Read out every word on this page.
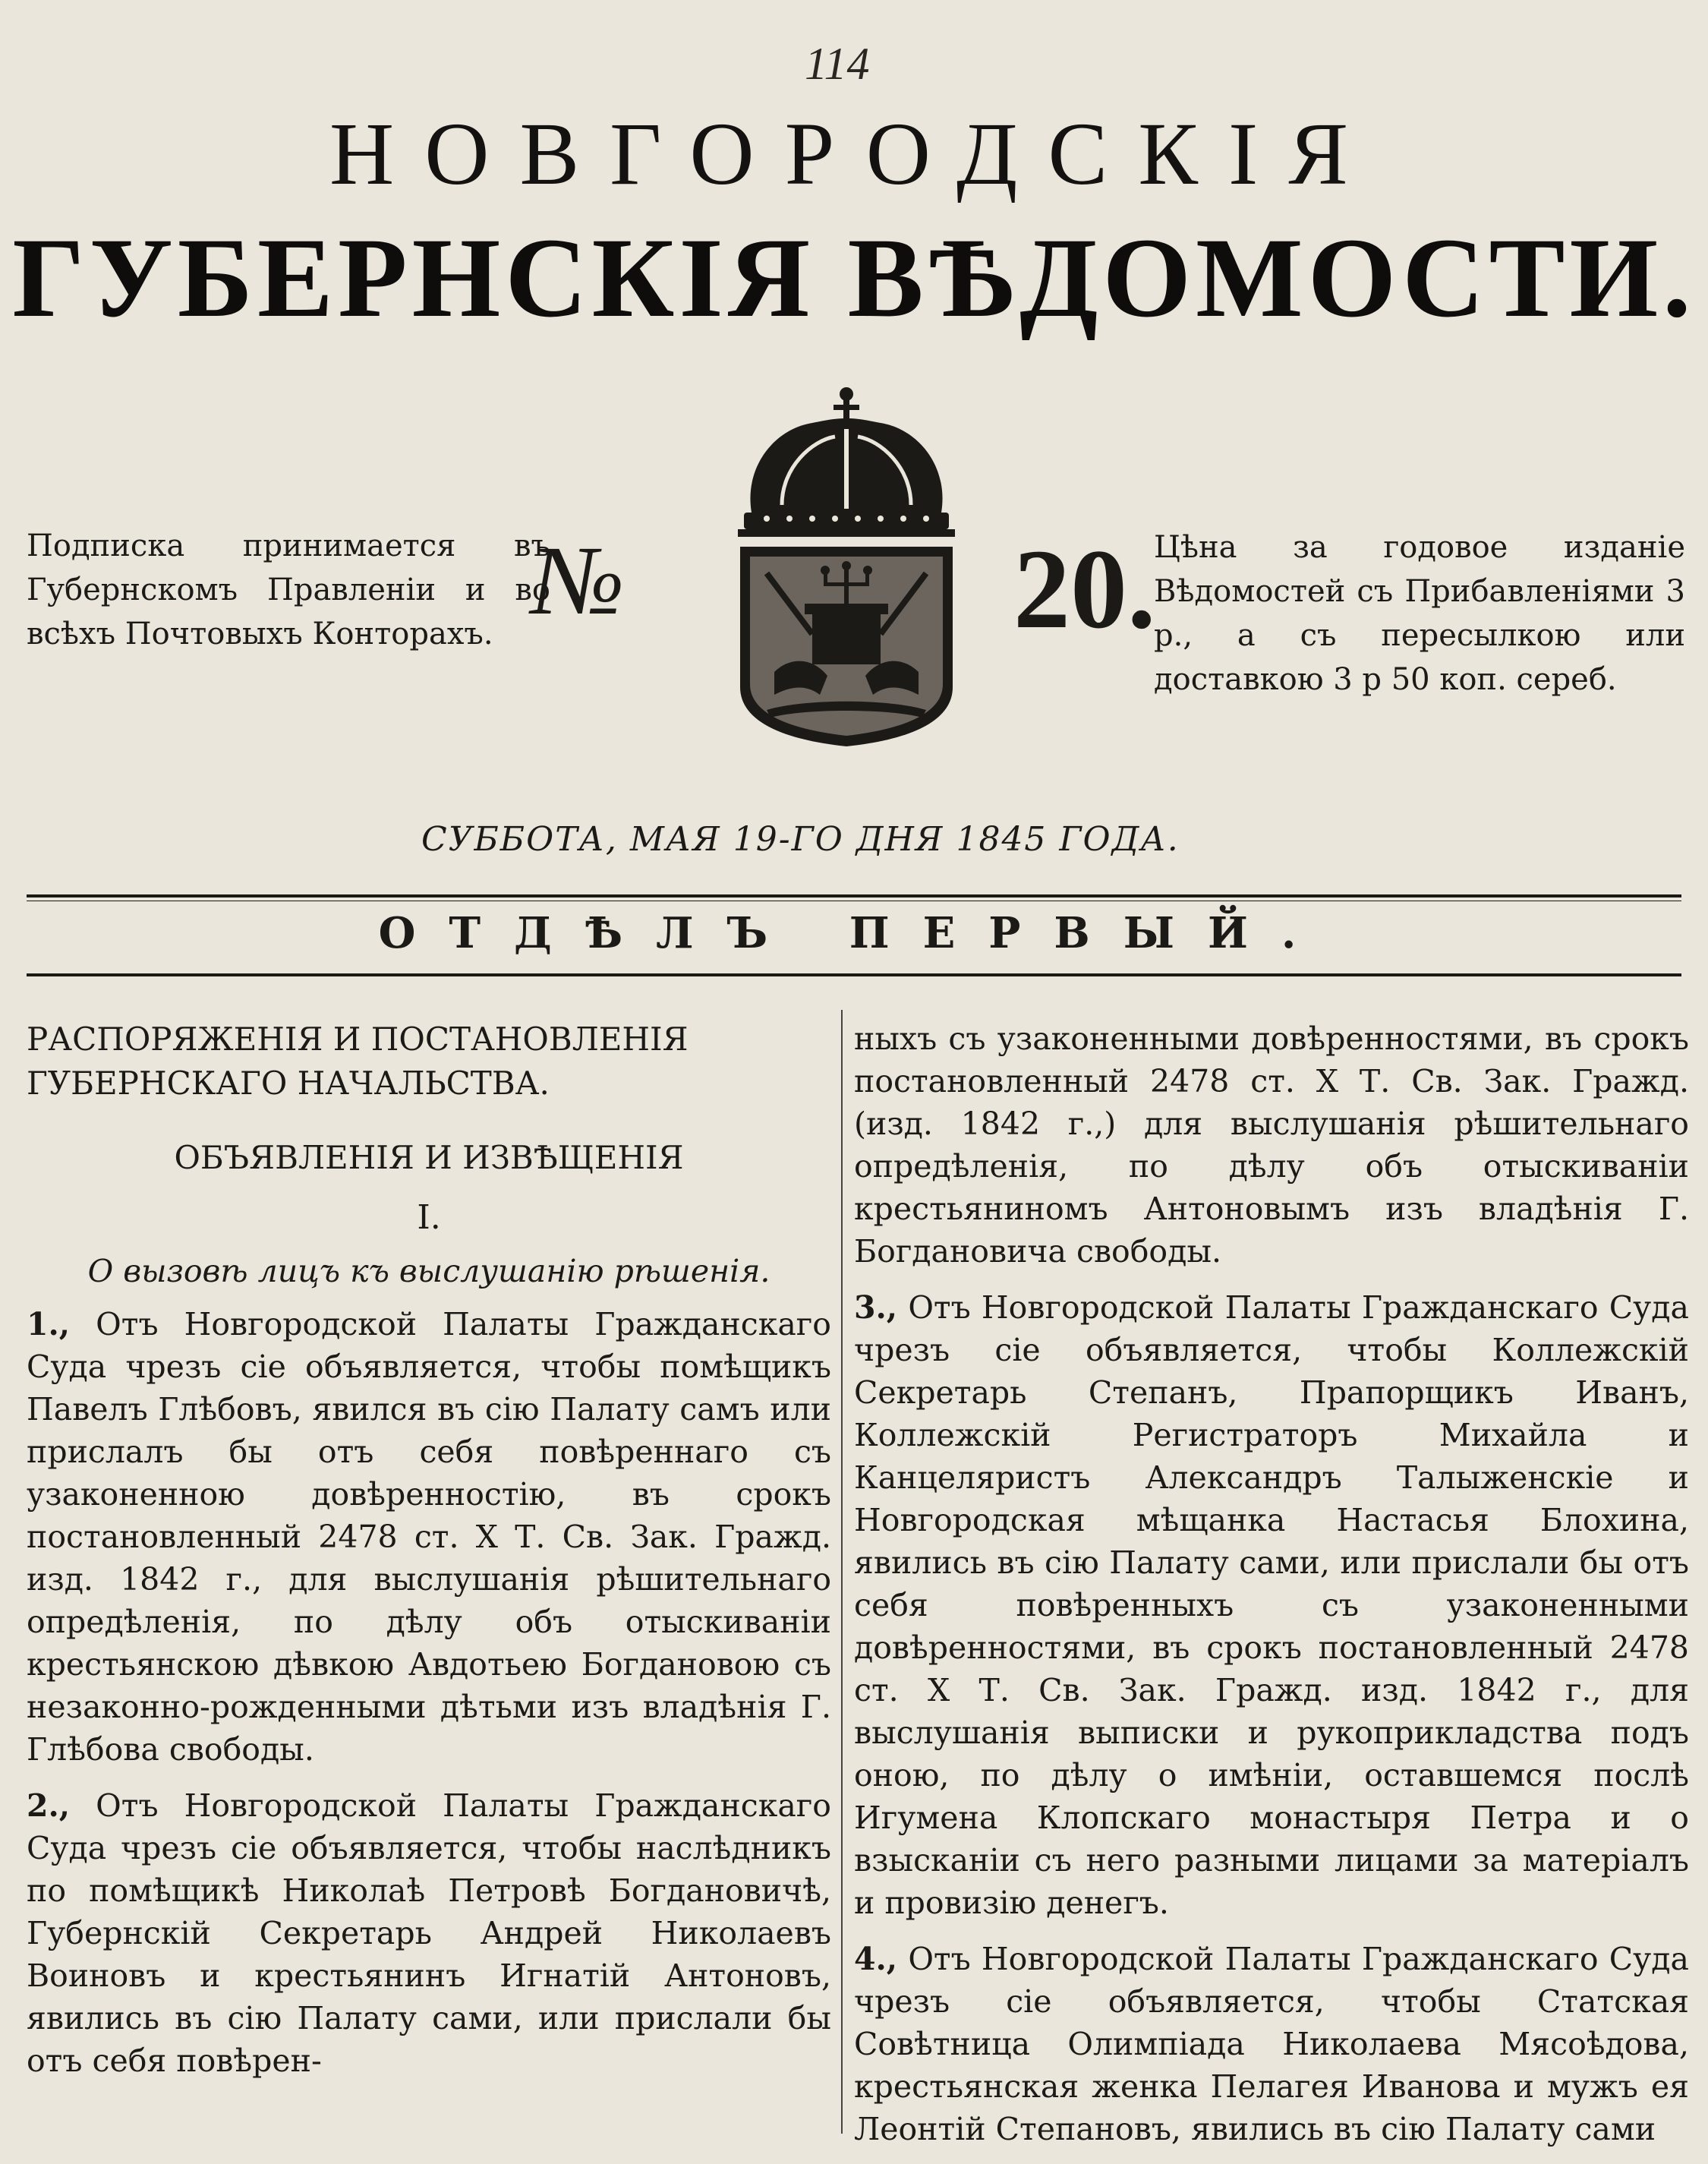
114
НОВГОРОДСКІЯ
ГУБЕРНСКІЯ ВѢДОМОСТИ.
Подписка принимается въ Губернскомъ Правленіи и во всѣхъ Почтовыхъ Конторахъ. №	20.
Цѣна за годовое изданіе Вѣдомостей съ Прибавленіями 3 р., а съ пересылкою или доставкою 3 р 50 коп. сереб.
СУББОТА, МАЯ 19-ГО ДНЯ 1845 ГОДА.
ОТДѢЛЪ ПЕРВЫЙ.

РАСПОРЯЖЕНІЯ И ПОСТАНОВЛЕНІЯ ГУБЕРНСКАГО НАЧАЛЬСТВА.

ОБЪЯВЛЕНІЯ И ИЗВѢЩЕНІЯ

I.

О вызовѣ лицъ къ выслушанію рѣшенія.

1., Отъ Новгородской Палаты Гражданскаго Суда чрезъ сіе объявляется, чтобы помѣщикъ Павелъ Глѣбовъ, явился въ сію Палату самъ или прислалъ бы отъ себя повѣреннаго съ узаконенною довѣренностію, въ срокъ постановленный 2478 ст. X Т. Св. Зак. Гражд. изд. 1842 г., для выслушанія рѣшительнаго опредѣленія, по дѣлу объ отыскиваніи крестьянскою дѣвкою Авдотьею Богдановою съ незаконно-рожденными дѣтьми изъ владѣнія Г. Глѣбова свободы.

2., Отъ Новгородской Палаты Гражданскаго Суда чрезъ сіе объявляется, чтобы наслѣдникъ по помѣщикѣ Николаѣ Петровѣ Богдановичѣ, Губернскій Секретарь Андрей Николаевъ Воиновъ и крестьянинъ Игнатій Антоновъ, явились въ сію Палату сами, или прислали бы отъ себя повѣрен-

ныхъ съ узаконенными довѣренностями, въ срокъ постановленный 2478 ст. X Т. Св. Зак. Гражд. (изд. 1842 г.,) для выслушанія рѣшительнаго опредѣленія, по дѣлу объ отыскиваніи крестьяниномъ Антоновымъ изъ владѣнія Г. Богдановича свободы.

3., Отъ Новгородской Палаты Гражданскаго Суда чрезъ сіе объявляется, чтобы Коллежскій Секретарь Степанъ, Прапорщикъ Иванъ, Коллежскій Регистраторъ Михайла и Канцеляристъ Александръ Талыженскіе и Новгородская мѣщанка Настасья Блохина, явились въ сію Палату сами, или прислали бы отъ себя повѣренныхъ съ узаконенными довѣренностями, въ срокъ постановленный 2478 ст. X Т. Св. Зак. Гражд. изд. 1842 г., для выслушанія выписки и рукоприкладства подъ оною, по дѣлу о имѣніи, оставшемся послѣ Игумена Клопскаго монастыря Петра и о взысканіи съ него разными лицами за матеріалъ и провизію денегъ.

4., Отъ Новгородской Палаты Гражданскаго Суда чрезъ сіе объявляется, чтобы Статская Совѣтница Олимпіада Николаева Мясоѣдова, крестьянская женка Пелагея Иванова и мужъ ея Леонтій Степановъ, явились въ сію Палату сами
